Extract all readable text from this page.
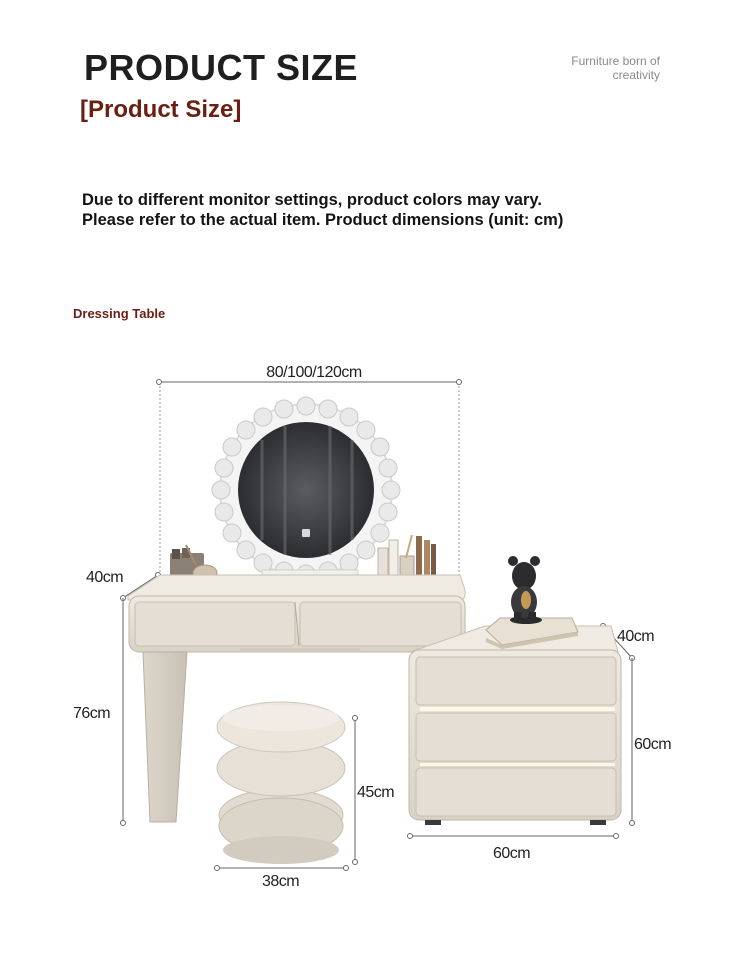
PRODUCT SIZE
[Product Size]
Furniture born of
creativity
Due to different monitor settings, product colors may vary.
Please refer to the actual item. Product dimensions (unit: cm)
Dressing Table
80/100/120cm
40cm
76cm
45cm
38cm
40cm
60cm
60cm
